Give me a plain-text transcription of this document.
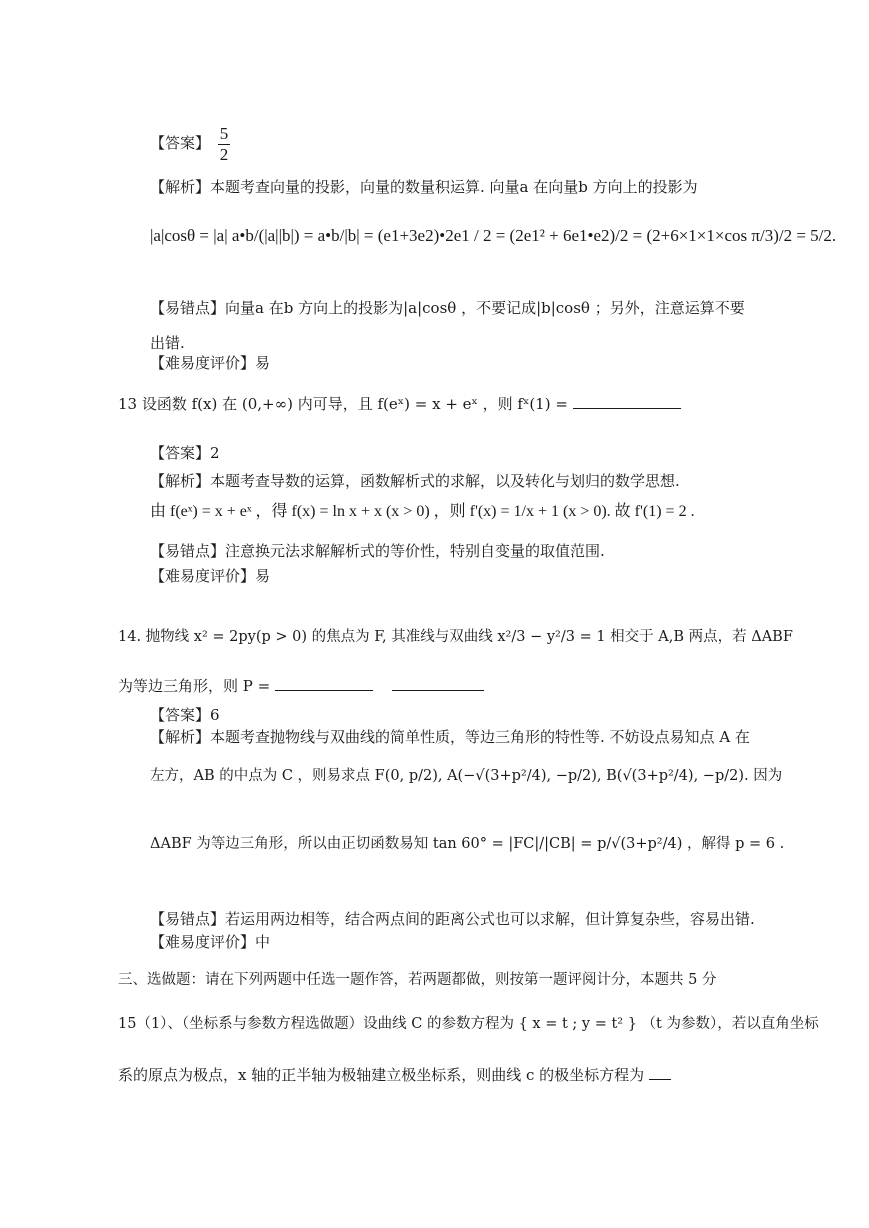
【答案】 $\frac{5}{2}$
【解析】本题考查向量的投影，向量的数量积运算. 向量a 在向量b 方向上的投影为
|a|cosθ = |a| a•b/(|a||b|) = a•b/|b| = (e1+3e2)•2e1 / 2 = (2e1² + 6e1•e2)/2 = (2+6×1×1×cos π/3)/2 = 5/2.
【易错点】向量a 在b 方向上的投影为|a|cosθ ，不要记成|b|cosθ ；另外，注意运算不要
出错.
【难易度评价】易
13 设函数 f(x) 在 (0,+∞) 内可导，且 f(eˣ) = x + eˣ ，则 fˣ(1) =
【答案】2
【解析】本题考查导数的运算，函数解析式的求解，以及转化与划归的数学思想.
由 f(eˣ) = x + eˣ ，得 f(x) = ln x + x (x > 0) ，则 f'(x) = 1/x + 1 (x > 0). 故 f'(1) = 2 .
【易错点】注意换元法求解解析式的等价性，特别自变量的取值范围.
【难易度评价】易
14. 抛物线 x² = 2py(p > 0) 的焦点为 F, 其准线与双曲线 x²/3 − y²/3 = 1 相交于 A,B 两点，若 ΔABF
为等边三角形，则 P =
【答案】6
【解析】本题考查抛物线与双曲线的简单性质，等边三角形的特性等. 不妨设点易知点 A 在
左方，AB 的中点为 C ，则易求点 F(0, p/2), A(−√(3+p²/4), −p/2), B(√(3+p²/4), −p/2). 因为
ΔABF 为等边三角形，所以由正切函数易知 tan 60° = |FC|/|CB| = p/√(3+p²/4) ，解得 p = 6 .
【易错点】若运用两边相等，结合两点间的距离公式也可以求解，但计算复杂些，容易出错.
【难易度评价】中
三、选做题：请在下列两题中任选一题作答，若两题都做，则按第一题评阅计分，本题共 5 分
15（1）、（坐标系与参数方程选做题）设曲线 C 的参数方程为 { x = t ; y = t² } （t 为参数），若以直角坐标
系的原点为极点，x 轴的正半轴为极轴建立极坐标系，则曲线 c 的极坐标方程为
